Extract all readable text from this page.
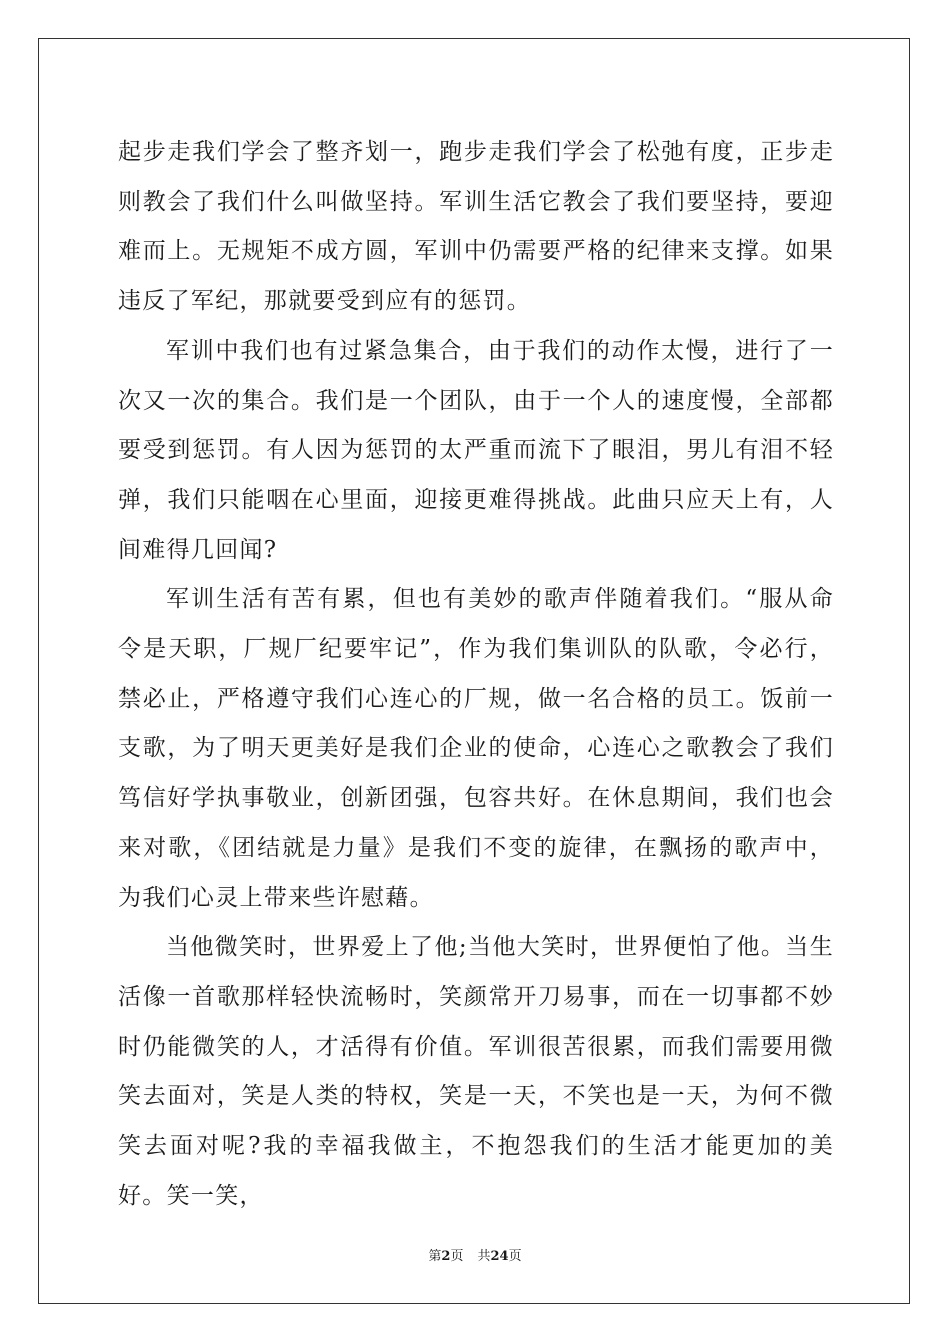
起步走我们学会了整齐划一，跑步走我们学会了松弛有度，正步走则教会了我们什么叫做坚持。军训生活它教会了我们要坚持，要迎难而上。无规矩不成方圆，军训中仍需要严格的纪律来支撑。如果违反了军纪，那就要受到应有的惩罚。

军训中我们也有过紧急集合，由于我们的动作太慢，进行了一次又一次的集合。我们是一个团队，由于一个人的速度慢，全部都要受到惩罚。有人因为惩罚的太严重而流下了眼泪，男儿有泪不轻弹，我们只能咽在心里面，迎接更难得挑战。此曲只应天上有，人间难得几回闻?

军训生活有苦有累，但也有美妙的歌声伴随着我们。“服从命令是天职，厂规厂纪要牢记”，作为我们集训队的队歌，令必行，禁必止，严格遵守我们心连心的厂规，做一名合格的员工。饭前一支歌，为了明天更美好是我们企业的使命，心连心之歌教会了我们笃信好学执事敬业，创新团强，包容共好。在休息期间，我们也会来对歌，《团结就是力量》是我们不变的旋律，在飘扬的歌声中，为我们心灵上带来些许慰藉。

当他微笑时，世界爱上了他;当他大笑时，世界便怕了他。当生活像一首歌那样轻快流畅时，笑颜常开刀易事，而在一切事都不妙时仍能微笑的人，才活得有价值。军训很苦很累，而我们需要用微笑去面对，笑是人类的特权，笑是一天，不笑也是一天，为何不微笑去面对呢?我的幸福我做主，不抱怨我们的生活才能更加的美好。笑一笑，

第2页 共24页
